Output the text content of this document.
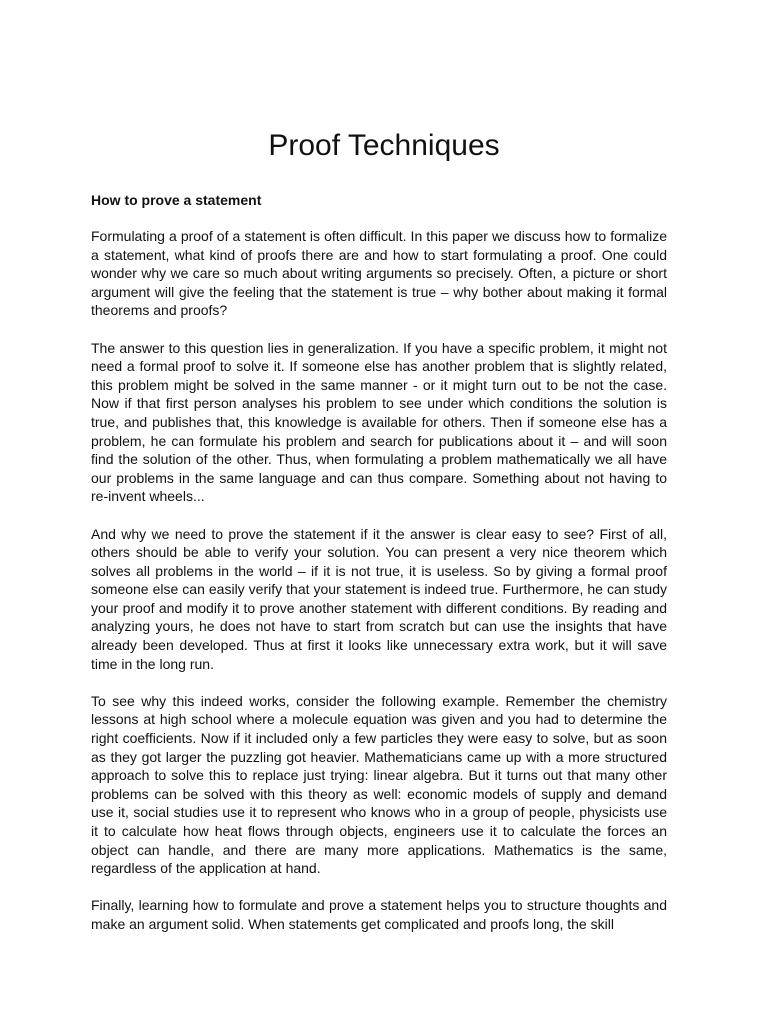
Proof Techniques
How to prove a statement

Formulating a proof of a statement is often difficult. In this paper we discuss how to formalize a statement, what kind of proofs there are and how to start formulating a proof. One could wonder why we care so much about writing arguments so precisely. Often, a picture or short argument will give the feeling that the statement is true – why bother about making it formal theorems and proofs?

The answer to this question lies in generalization. If you have a specific problem, it might not need a formal proof to solve it. If someone else has another problem that is slightly related, this problem might be solved in the same manner - or it might turn out to be not the case. Now if that first person analyses his problem to see under which conditions the solution is true, and publishes that, this knowledge is available for others. Then if someone else has a problem, he can formulate his problem and search for publications about it – and will soon find the solution of the other. Thus, when formulating a problem mathematically we all have our problems in the same language and can thus compare. Something about not having to re-invent wheels...

And why we need to prove the statement if it the answer is clear easy to see? First of all, others should be able to verify your solution. You can present a very nice theorem which solves all problems in the world – if it is not true, it is useless. So by giving a formal proof someone else can easily verify that your statement is indeed true. Furthermore, he can study your proof and modify it to prove another statement with different conditions. By reading and analyzing yours, he does not have to start from scratch but can use the insights that have already been developed. Thus at first it looks like unnecessary extra work, but it will save time in the long run.

To see why this indeed works, consider the following example. Remember the chemistry lessons at high school where a molecule equation was given and you had to determine the right coefficients. Now if it included only a few particles they were easy to solve, but as soon as they got larger the puzzling got heavier. Mathematicians came up with a more structured approach to solve this to replace just trying: linear algebra. But it turns out that many other problems can be solved with this theory as well: economic models of supply and demand use it, social studies use it to represent who knows who in a group of people, physicists use it to calculate how heat flows through objects, engineers use it to calculate the forces an object can handle, and there are many more applications. Mathematics is the same, regardless of the application at hand.

Finally, learning how to formulate and prove a statement helps you to structure thoughts and make an argument solid. When statements get complicated and proofs long, the skill
